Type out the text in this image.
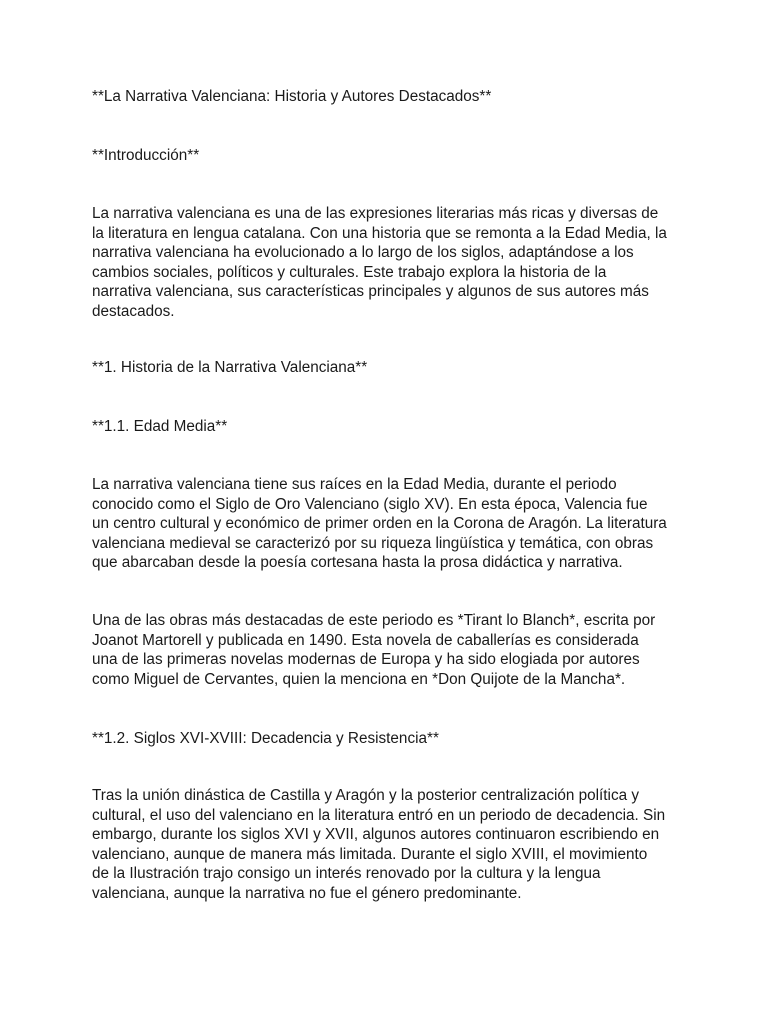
**La Narrativa Valenciana: Historia y Autores Destacados**

**Introducción**

La narrativa valenciana es una de las expresiones literarias más ricas y diversas de
la literatura en lengua catalana. Con una historia que se remonta a la Edad Media, la
narrativa valenciana ha evolucionado a lo largo de los siglos, adaptándose a los
cambios sociales, políticos y culturales. Este trabajo explora la historia de la
narrativa valenciana, sus características principales y algunos de sus autores más
destacados.

**1. Historia de la Narrativa Valenciana**

**1.1. Edad Media**

La narrativa valenciana tiene sus raíces en la Edad Media, durante el periodo
conocido como el Siglo de Oro Valenciano (siglo XV). En esta época, Valencia fue
un centro cultural y económico de primer orden en la Corona de Aragón. La literatura
valenciana medieval se caracterizó por su riqueza lingüística y temática, con obras
que abarcaban desde la poesía cortesana hasta la prosa didáctica y narrativa.
Una de las obras más destacadas de este periodo es *Tirant lo Blanch*, escrita por
Joanot Martorell y publicada en 1490. Esta novela de caballerías es considerada
una de las primeras novelas modernas de Europa y ha sido elogiada por autores
como Miguel de Cervantes, quien la menciona en *Don Quijote de la Mancha*.

**1.2. Siglos XVI-XVIII: Decadencia y Resistencia**

Tras la unión dinástica de Castilla y Aragón y la posterior centralización política y
cultural, el uso del valenciano en la literatura entró en un periodo de decadencia. Sin
embargo, durante los siglos XVI y XVII, algunos autores continuaron escribiendo en
valenciano, aunque de manera más limitada. Durante el siglo XVIII, el movimiento
de la Ilustración trajo consigo un interés renovado por la cultura y la lengua
valenciana, aunque la narrativa no fue el género predominante.
